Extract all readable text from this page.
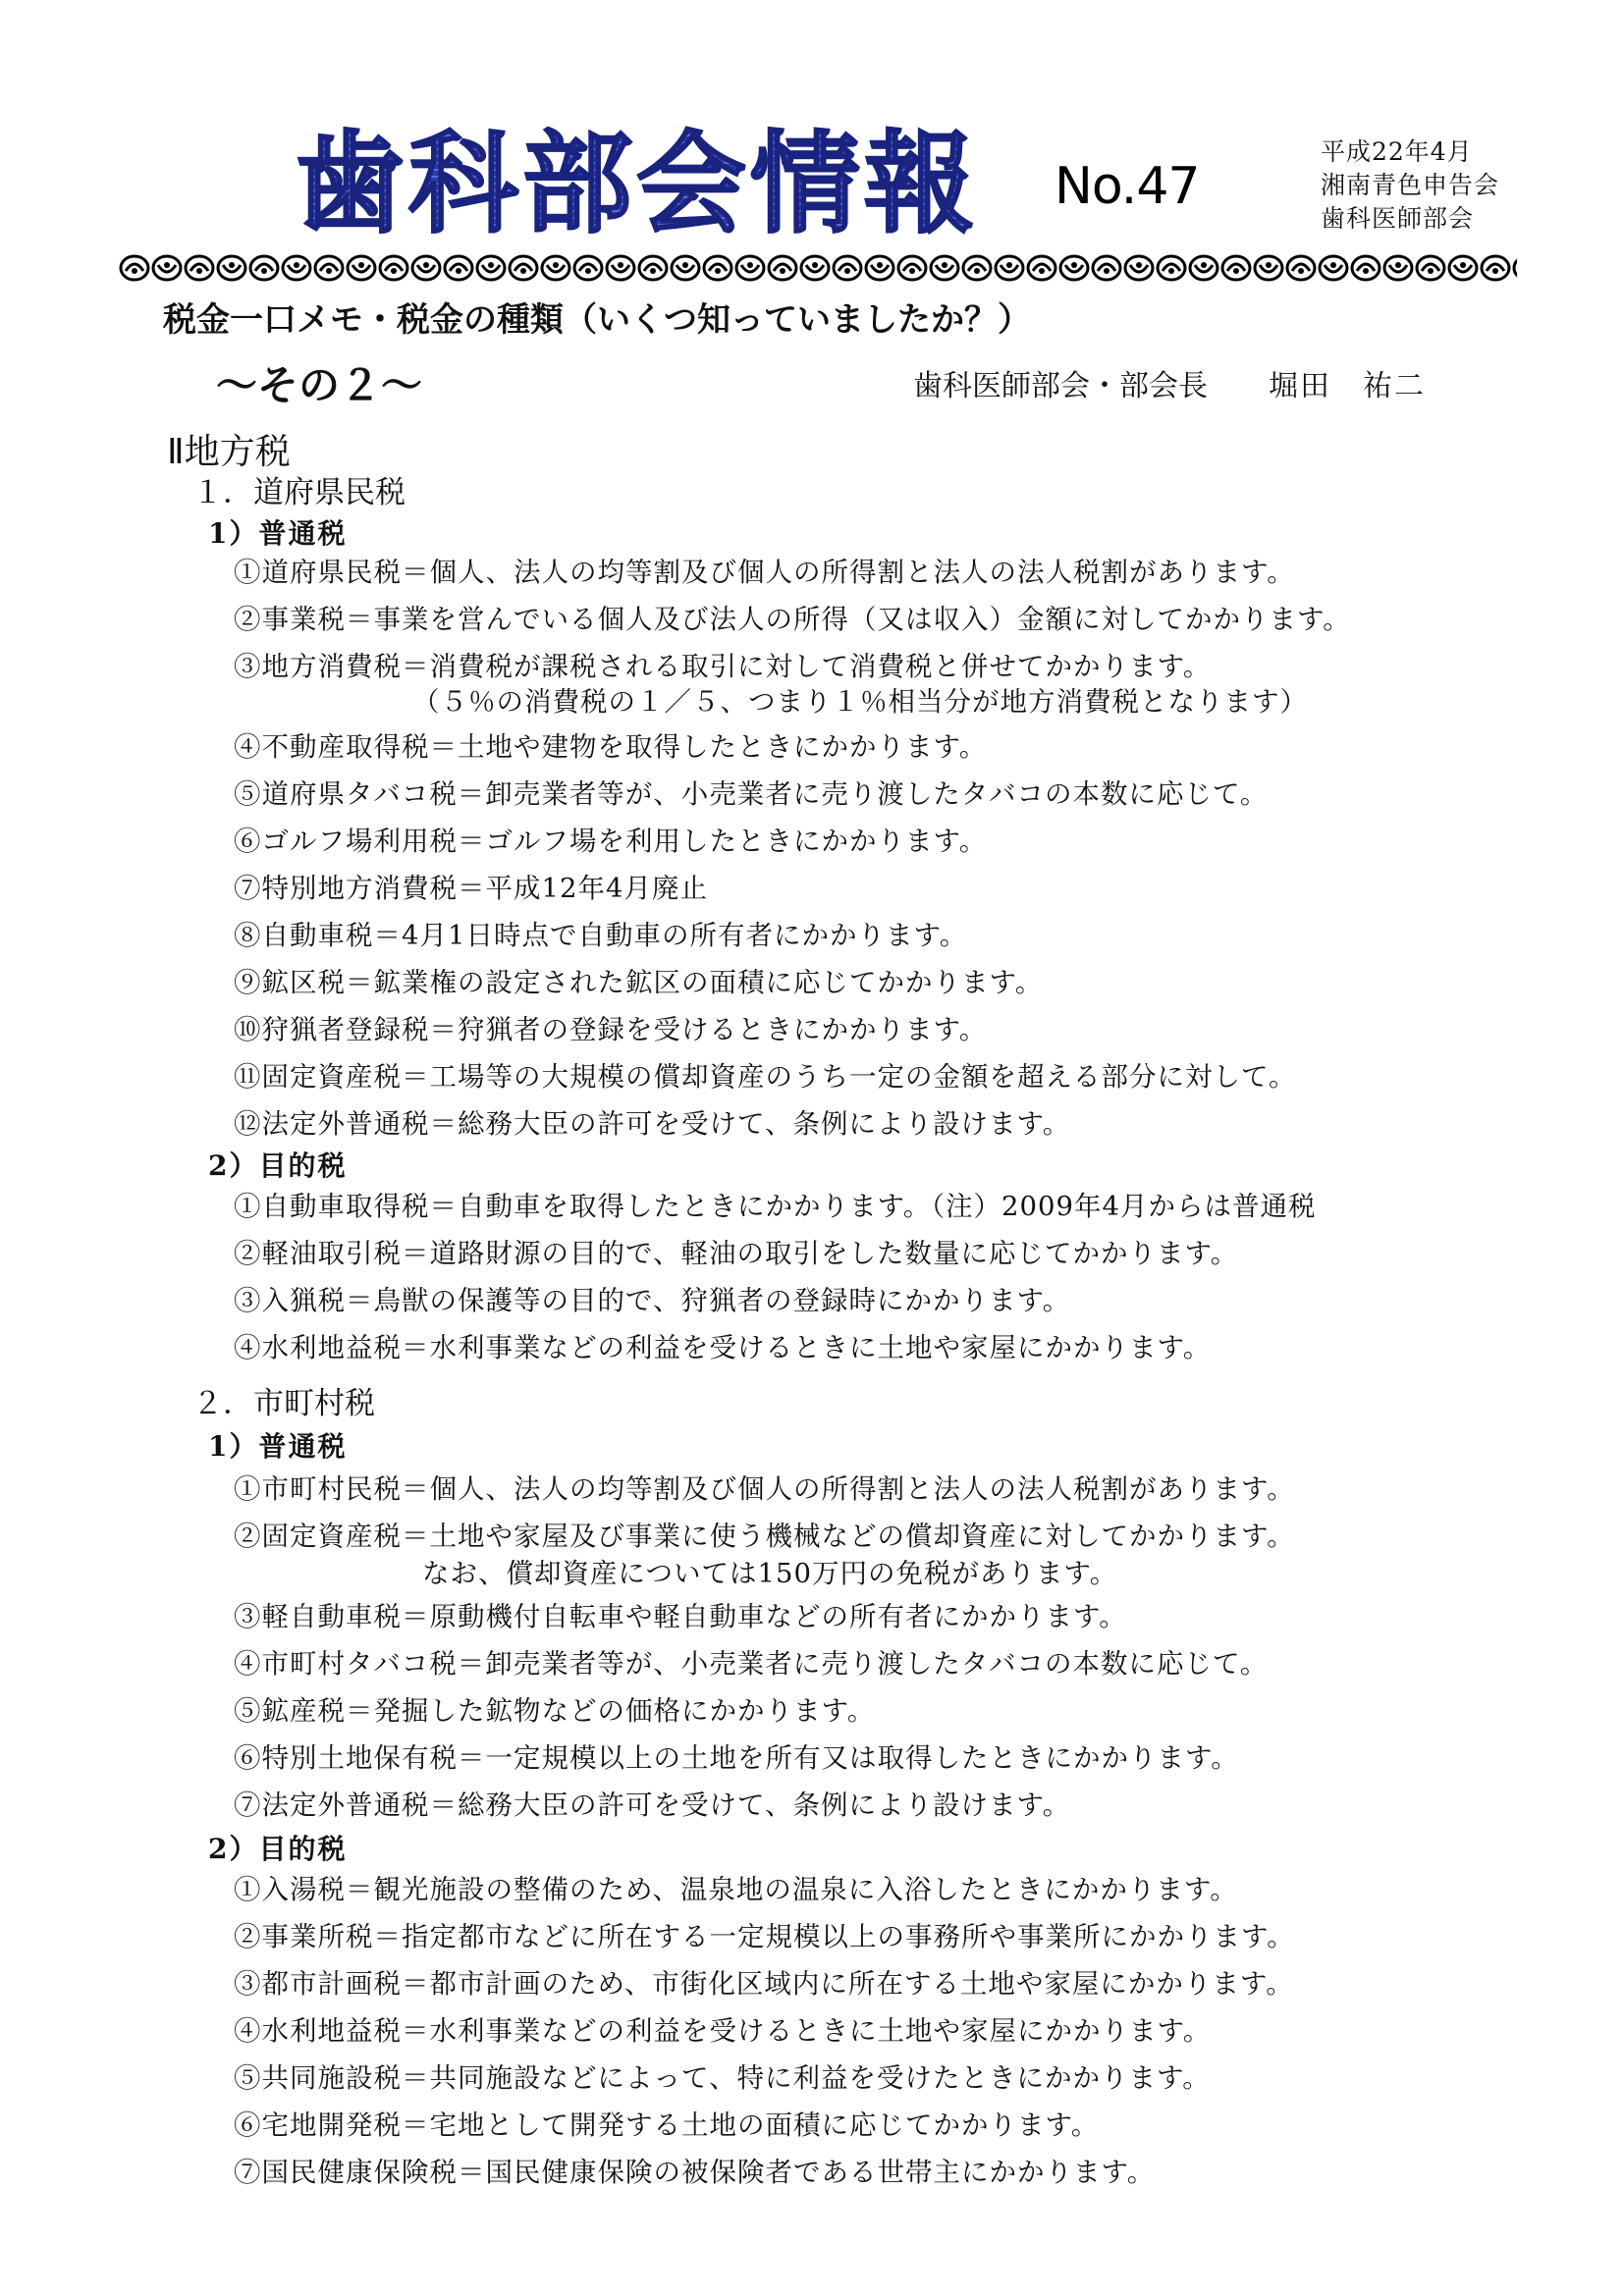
歯科部会情報	No.47
平成22年4月
湘南青色申告会
歯科医師部会
税金一口メモ・税金の種類（いくつ知っていましたか？）
～その２～	歯科医師部会・部会長 堀田　祐二
Ⅱ地方税
１．道府県民税
1）普通税
①道府県民税＝個人、法人の均等割及び個人の所得割と法人の法人税割があります。
②事業税＝事業を営んでいる個人及び法人の所得（又は収入）金額に対してかかります。
③地方消費税＝消費税が課税される取引に対して消費税と併せてかかります。
（５％の消費税の１／５、つまり１％相当分が地方消費税となります）
④不動産取得税＝土地や建物を取得したときにかかります。
⑤道府県タバコ税＝卸売業者等が、小売業者に売り渡したタバコの本数に応じて。
⑥ゴルフ場利用税＝ゴルフ場を利用したときにかかります。
⑦特別地方消費税＝平成12年4月廃止
⑧自動車税＝4月1日時点で自動車の所有者にかかります。
⑨鉱区税＝鉱業権の設定された鉱区の面積に応じてかかります。
⑩狩猟者登録税＝狩猟者の登録を受けるときにかかります。
⑪固定資産税＝工場等の大規模の償却資産のうち一定の金額を超える部分に対して。
⑫法定外普通税＝総務大臣の許可を受けて、条例により設けます。
2）目的税
①自動車取得税＝自動車を取得したときにかかります。（注）2009年4月からは普通税
②軽油取引税＝道路財源の目的で、軽油の取引をした数量に応じてかかります。
③入猟税＝鳥獣の保護等の目的で、狩猟者の登録時にかかります。
④水利地益税＝水利事業などの利益を受けるときに土地や家屋にかかります。
２．市町村税
1）普通税
①市町村民税＝個人、法人の均等割及び個人の所得割と法人の法人税割があります。
②固定資産税＝土地や家屋及び事業に使う機械などの償却資産に対してかかります。
なお、償却資産については150万円の免税があります。
③軽自動車税＝原動機付自転車や軽自動車などの所有者にかかります。
④市町村タバコ税＝卸売業者等が、小売業者に売り渡したタバコの本数に応じて。
⑤鉱産税＝発掘した鉱物などの価格にかかります。
⑥特別土地保有税＝一定規模以上の土地を所有又は取得したときにかかります。
⑦法定外普通税＝総務大臣の許可を受けて、条例により設けます。
2）目的税
①入湯税＝観光施設の整備のため、温泉地の温泉に入浴したときにかかります。
②事業所税＝指定都市などに所在する一定規模以上の事務所や事業所にかかります。
③都市計画税＝都市計画のため、市街化区域内に所在する土地や家屋にかかります。
④水利地益税＝水利事業などの利益を受けるときに土地や家屋にかかります。
⑤共同施設税＝共同施設などによって、特に利益を受けたときにかかります。
⑥宅地開発税＝宅地として開発する土地の面積に応じてかかります。
⑦国民健康保険税＝国民健康保険の被保険者である世帯主にかかります。
